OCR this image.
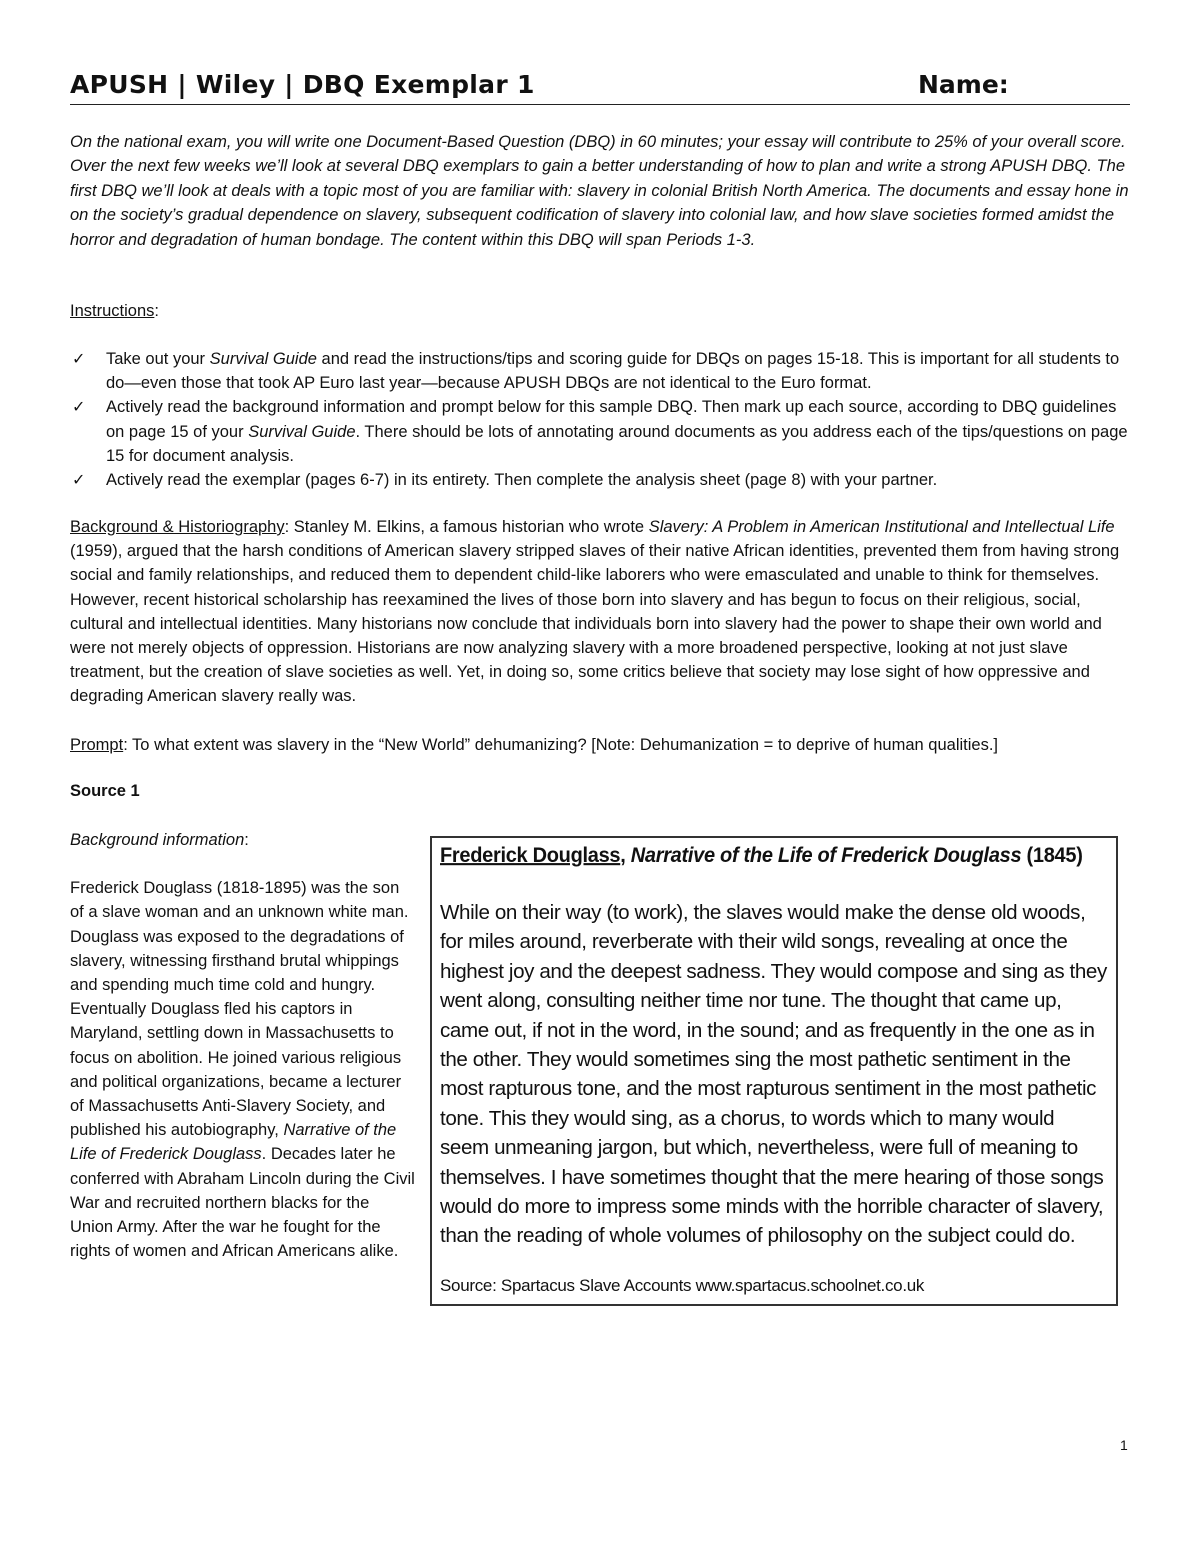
APUSH | Wiley | DBQ Exemplar 1	Name:

On the national exam, you will write one Document-Based Question (DBQ) in 60 minutes; your essay will contribute to 25% of your overall score. Over the next few weeks we’ll look at several DBQ exemplars to gain a better understanding of how to plan and write a strong APUSH DBQ. The first DBQ we’ll look at deals with a topic most of you are familiar with: slavery in colonial British North America. The documents and essay hone in on the society’s gradual dependence on slavery, subsequent codification of slavery into colonial law, and how slave societies formed amidst the horror and degradation of human bondage. The content within this DBQ will span Periods 1-3.

Instructions:
✓ Take out your Survival Guide and read the instructions/tips and scoring guide for DBQs on pages 15-18. This is important for all students to do—even those that took AP Euro last year—because APUSH DBQs are not identical to the Euro format.
✓ Actively read the background information and prompt below for this sample DBQ. Then mark up each source, according to DBQ guidelines on page 15 of your Survival Guide. There should be lots of annotating around documents as you address each of the tips/questions on page 15 for document analysis.
✓ Actively read the exemplar (pages 6-7) in its entirety. Then complete the analysis sheet (page 8) with your partner.

Background & Historiography: Stanley M. Elkins, a famous historian who wrote Slavery: A Problem in American Institutional and Intellectual Life (1959), argued that the harsh conditions of American slavery stripped slaves of their native African identities, prevented them from having strong social and family relationships, and reduced them to dependent child-like laborers who were emasculated and unable to think for themselves. However, recent historical scholarship has reexamined the lives of those born into slavery and has begun to focus on their religious, social, cultural and intellectual identities. Many historians now conclude that individuals born into slavery had the power to shape their own world and were not merely objects of oppression. Historians are now analyzing slavery with a more broadened perspective, looking at not just slave treatment, but the creation of slave societies as well. Yet, in doing so, some critics believe that society may lose sight of how oppressive and degrading American slavery really was.

Prompt: To what extent was slavery in the “New World” dehumanizing? [Note: Dehumanization = to deprive of human qualities.]

Source 1
Background information:
Frederick Douglass (1818-1895) was the son of a slave woman and an unknown white man. Douglass was exposed to the degradations of slavery, witnessing firsthand brutal whippings and spending much time cold and hungry. Eventually Douglass fled his captors in Maryland, settling down in Massachusetts to focus on abolition. He joined various religious and political organizations, became a lecturer of Massachusetts Anti-Slavery Society, and published his autobiography, Narrative of the Life of Frederick Douglass. Decades later he conferred with Abraham Lincoln during the Civil War and recruited northern blacks for the Union Army. After the war he fought for the rights of women and African Americans alike.
Frederick Douglass, Narrative of the Life of Frederick Douglass (1845)
While on their way (to work), the slaves would make the dense old woods, for miles around, reverberate with their wild songs, revealing at once the highest joy and the deepest sadness. They would compose and sing as they went along, consulting neither time nor tune. The thought that came up, came out, if not in the word, in the sound; and as frequently in the one as in the other. They would sometimes sing the most pathetic sentiment in the most rapturous tone, and the most rapturous sentiment in the most pathetic tone. This they would sing, as a chorus, to words which to many would seem unmeaning jargon, but which, nevertheless, were full of meaning to themselves. I have sometimes thought that the mere hearing of those songs would do more to impress some minds with the horrible character of slavery, than the reading of whole volumes of philosophy on the subject could do.
Source: Spartacus Slave Accounts www.spartacus.schoolnet.co.uk
1
